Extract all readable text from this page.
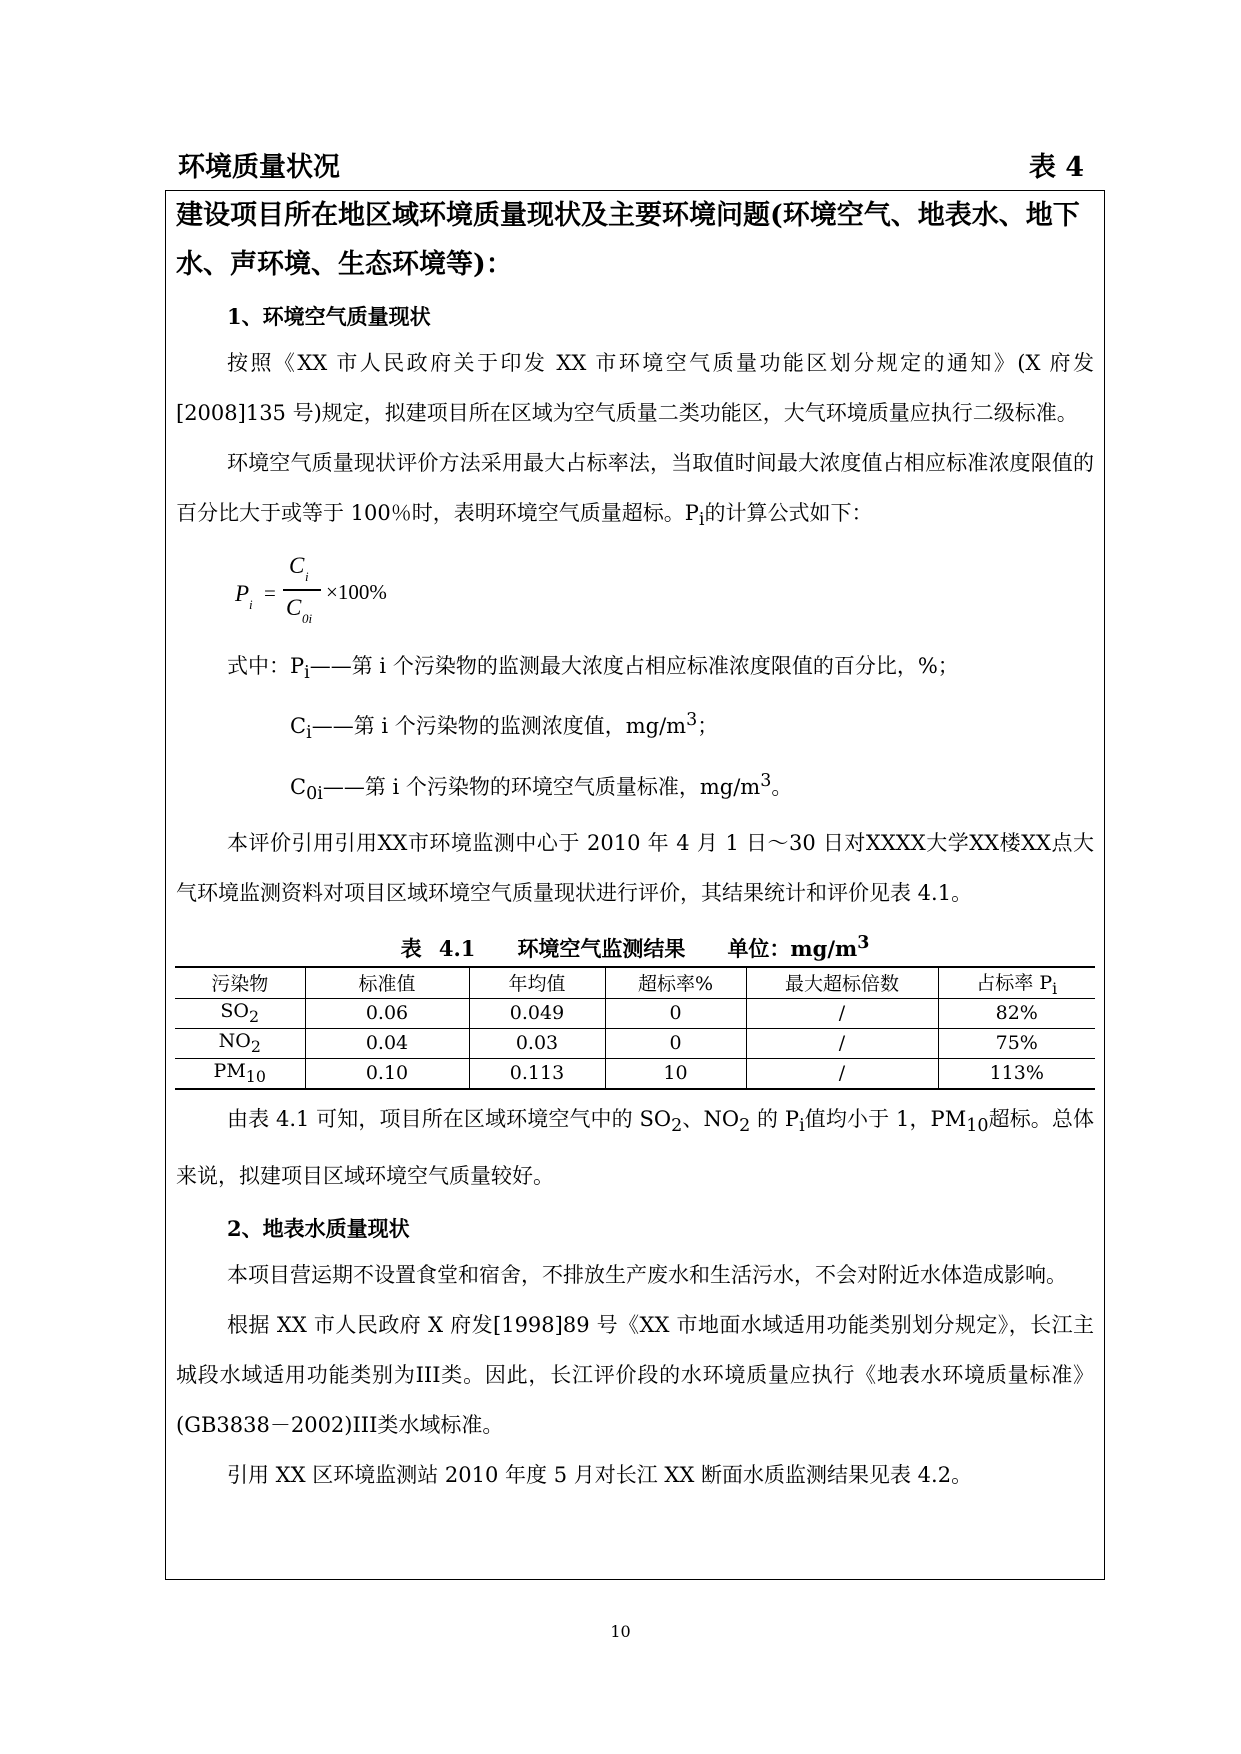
环境质量状况	表 4

建设项目所在地区域环境质量现状及主要环境问题(环境空气、地表水、地下水、声环境、生态环境等)：

1、环境空气质量现状

按照《XX 市人民政府关于印发 XX 市环境空气质量功能区划分规定的通知》(X 府发[2008]135 号)规定，拟建项目所在区域为空气质量二类功能区，大气环境质量应执行二级标准。

环境空气质量现状评价方法采用最大占标率法，当取值时间最大浓度值占相应标准浓度限值的百分比大于或等于 100％时，表明环境空气质量超标。$P_i$的计算公式如下：

P i =
C i
C 0i
×100%
式中：$P_i——$第 i 个污染物的监测最大浓度占相应标准浓度限值的百分比，%；
$C_i——$第 i 个污染物的监测浓度值，$mg/m^3$；
$C_{0i}——$第 i 个污染物的环境空气质量标准，$mg/m^3$。

本评价引用引用XX市环境监测中心于 2010 年 4 月 1 日～30 日对XXXX大学XX楼XX点大气环境监测资料对项目区域环境空气质量现状进行评价，其结果统计和评价见表 4.1。

表 4.1　　 环境空气监测结果　　 单位：$mg/m^3$
污染物	标准值	年均值	超标率%	最大超标倍数	占标率 $P_i$
$SO_2$	0.06	0.049	0	/	82%
$NO_2$	0.04	0.03	0	/	75%
$PM_{10}$	0.10	0.113	10	/	113%

由表 4.1 可知，项目所在区域环境空气中的 $SO_2$、$NO_2$ 的 $P_i$值均小于 1，$PM_{10}$超标。总体来说，拟建项目区域环境空气质量较好。

2、地表水质量现状

本项目营运期不设置食堂和宿舍，不排放生产废水和生活污水，不会对附近水体造成影响。

根据 XX 市人民政府 X 府发[1998]89 号《XX 市地面水域适用功能类别划分规定》，长江主城段水域适用功能类别为III类。因此，长江评价段的水环境质量应执行《地表水环境质量标准》(GB3838－2002)III类水域标准。

引用 XX 区环境监测站 2010 年度 5 月对长江 XX 断面水质监测结果见表 4.2。

10
